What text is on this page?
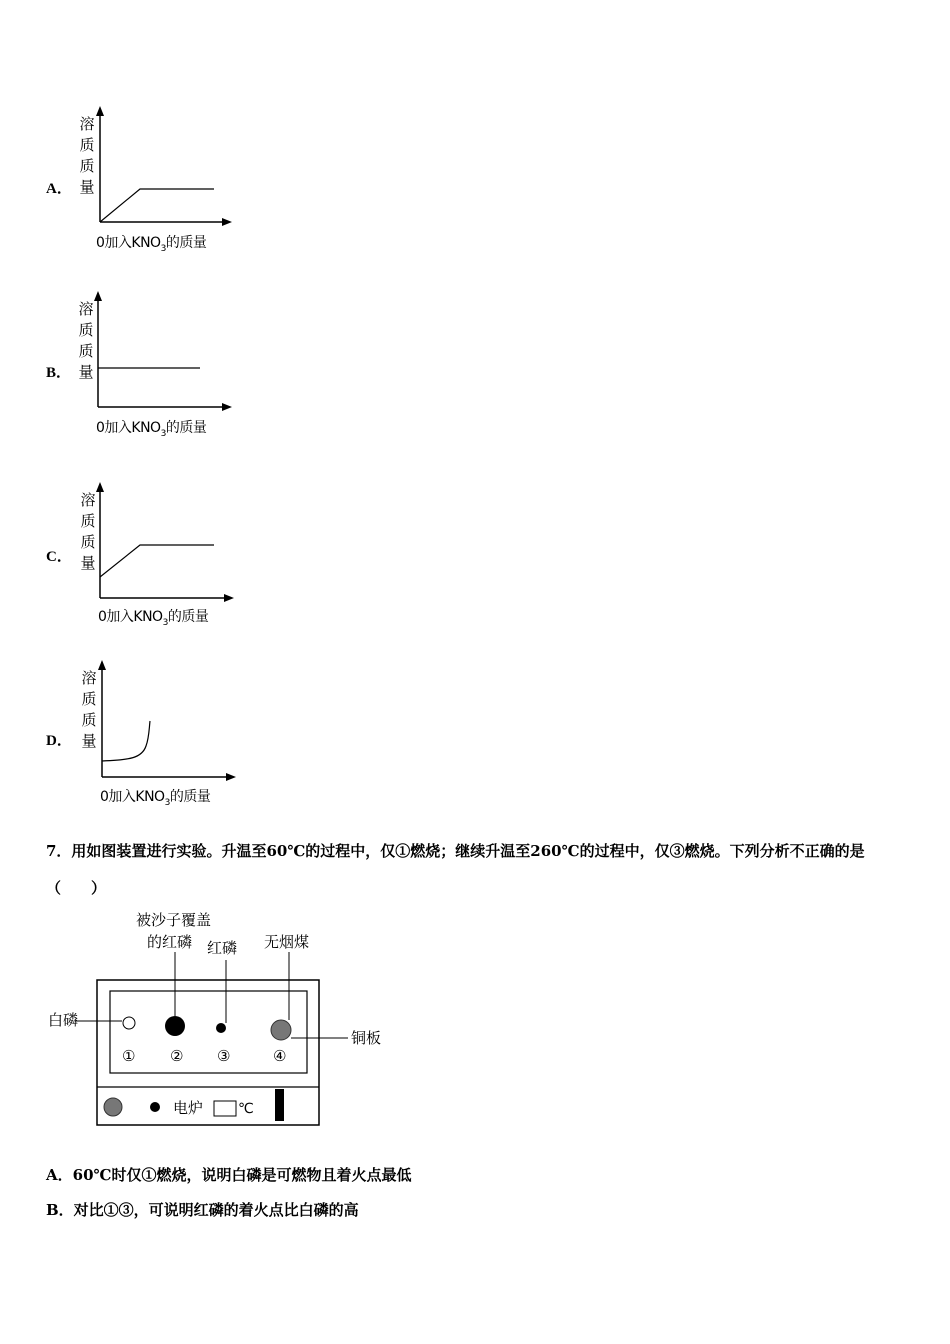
A．
溶
质
质
量
0加入$KNO_3$的质量
B．
溶
质
质
量
0加入$KNO_3$的质量
C．
溶
质
质
量
0加入$KNO_3$的质量
D．
溶
质
质
量
0加入$KNO_3$的质量
7．用如图装置进行实验。升温至60℃的过程中，仅①燃烧；继续升温至260℃的过程中，仅③燃烧。下列分析不正确的是（　　）
被沙子覆盖
的红磷 红磷 无烟煤
白磷
铜板
① ② ③	④
电炉 ℃
A．60℃时仅①燃烧，说明白磷是可燃物且着火点最低
B．对比①③，可说明红磷的着火点比白磷的高
